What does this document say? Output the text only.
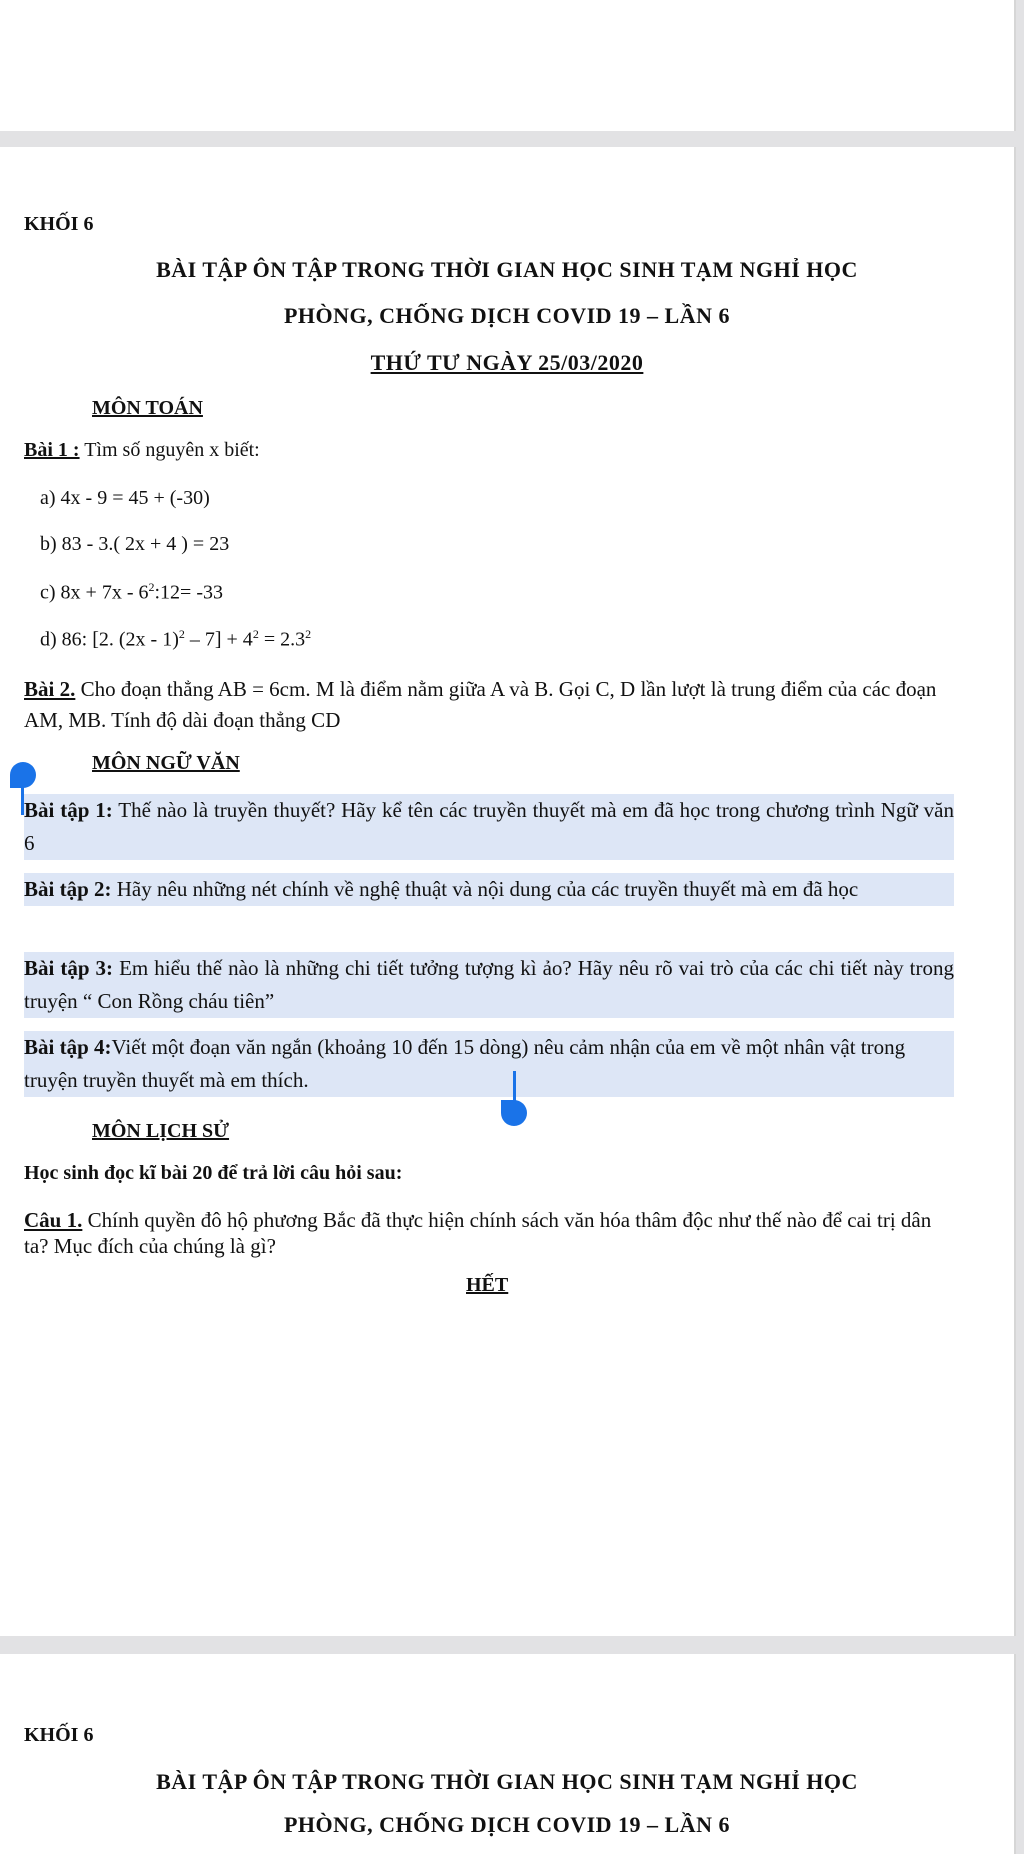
KHỐI 6
BÀI TẬP ÔN TẬP TRONG THỜI GIAN HỌC SINH TẠM NGHỈ HỌC
PHÒNG, CHỐNG DỊCH COVID 19 – LẦN 6
THỨ TƯ NGÀY 25/03/2020
MÔN TOÁN
Bài 1 : Tìm số nguyên x biết:
a) 4x - 9 = 45 + (-30)
b) 83 - 3.( 2x + 4 ) = 23
c) $8x + 7x - 6^2:12= -33$
d) 86: [2. $(2x - 1)^2 - 7] + 4^2 = 2.3^2$
Bài 2. Cho đoạn thẳng AB = 6cm. M là điểm nằm giữa A và B. Gọi C, D lần lượt là trung điểm của các đoạn AM, MB. Tính độ dài đoạn thẳng CD
MÔN NGỮ VĂN
Bài tập 1: Thế nào là truyền thuyết? Hãy kể tên các truyền thuyết mà em đã học trong chương trình Ngữ văn 6
Bài tập 2: Hãy nêu những nét chính về nghệ thuật và nội dung của các truyền thuyết mà em đã học
Bài tập 3: Em hiểu thế nào là những chi tiết tưởng tượng kì ảo? Hãy nêu rõ vai trò của các chi tiết này trong truyện “ Con Rồng cháu tiên”
Bài tập 4:Viết một đoạn văn ngắn (khoảng 10 đến 15 dòng) nêu cảm nhận của em về một nhân vật trong truyện truyền thuyết mà em thích.
MÔN LỊCH SỬ
Học sinh đọc kĩ bài 20 để trả lời câu hỏi sau:
Câu 1. Chính quyền đô hộ phương Bắc đã thực hiện chính sách văn hóa thâm độc như thế nào để cai trị dân ta? Mục đích của chúng là gì?
HẾT
KHỐI 6
BÀI TẬP ÔN TẬP TRONG THỜI GIAN HỌC SINH TẠM NGHỈ HỌC
PHÒNG, CHỐNG DỊCH COVID 19 – LẦN 6
